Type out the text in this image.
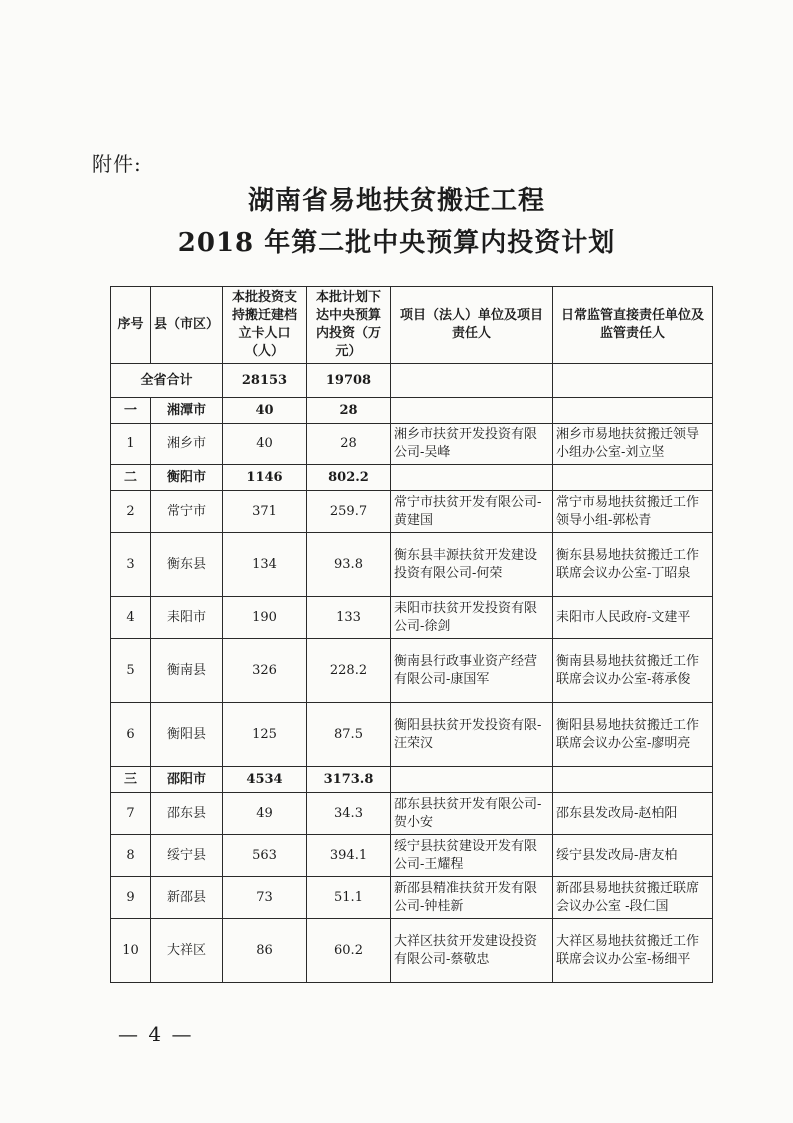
附件:
湖南省易地扶贫搬迁工程
2018 年第二批中央预算内投资计划
序号	县（市区）	本批投资支持搬迁建档立卡人口（人）	本批计划下达中央预算内投资（万元）	项目（法人）单位及项目责任人	日常监管直接责任单位及监管责任人
全省合计		28153	19708		
一	湘潭市	40	28		
1	湘乡市	40	28	湘乡市扶贫开发投资有限公司-吴峰	湘乡市易地扶贫搬迁领导小组办公室-刘立坚
二	衡阳市	1146	802.2		
2	常宁市	371	259.7	常宁市扶贫开发有限公司-黄建国	常宁市易地扶贫搬迁工作领导小组-郭松青
3	衡东县	134	93.8	衡东县丰源扶贫开发建设投资有限公司-何荣	衡东县易地扶贫搬迁工作联席会议办公室-丁昭泉
4	耒阳市	190	133	耒阳市扶贫开发投资有限公司-徐剑	耒阳市人民政府-文建平
5	衡南县	326	228.2	衡南县行政事业资产经营有限公司-康国军	衡南县易地扶贫搬迁工作联席会议办公室-蒋承俊
6	衡阳县	125	87.5	衡阳县扶贫开发投资有限-汪荣汉	衡阳县易地扶贫搬迁工作联席会议办公室-廖明亮
三	邵阳市	4534	3173.8		
7	邵东县	49	34.3	邵东县扶贫开发有限公司-贺小安	邵东县发改局-赵柏阳
8	绥宁县	563	394.1	绥宁县扶贫建设开发有限公司-王耀程	绥宁县发改局-唐友柏
9	新邵县	73	51.1	新邵县精准扶贫开发有限公司-钟桂新	新邵县易地扶贫搬迁联席会议办公室 -段仁国
10	大祥区	86	60.2	大祥区扶贫开发建设投资有限公司-蔡敬忠	大祥区易地扶贫搬迁工作联席会议办公室-杨细平
— 4 —
